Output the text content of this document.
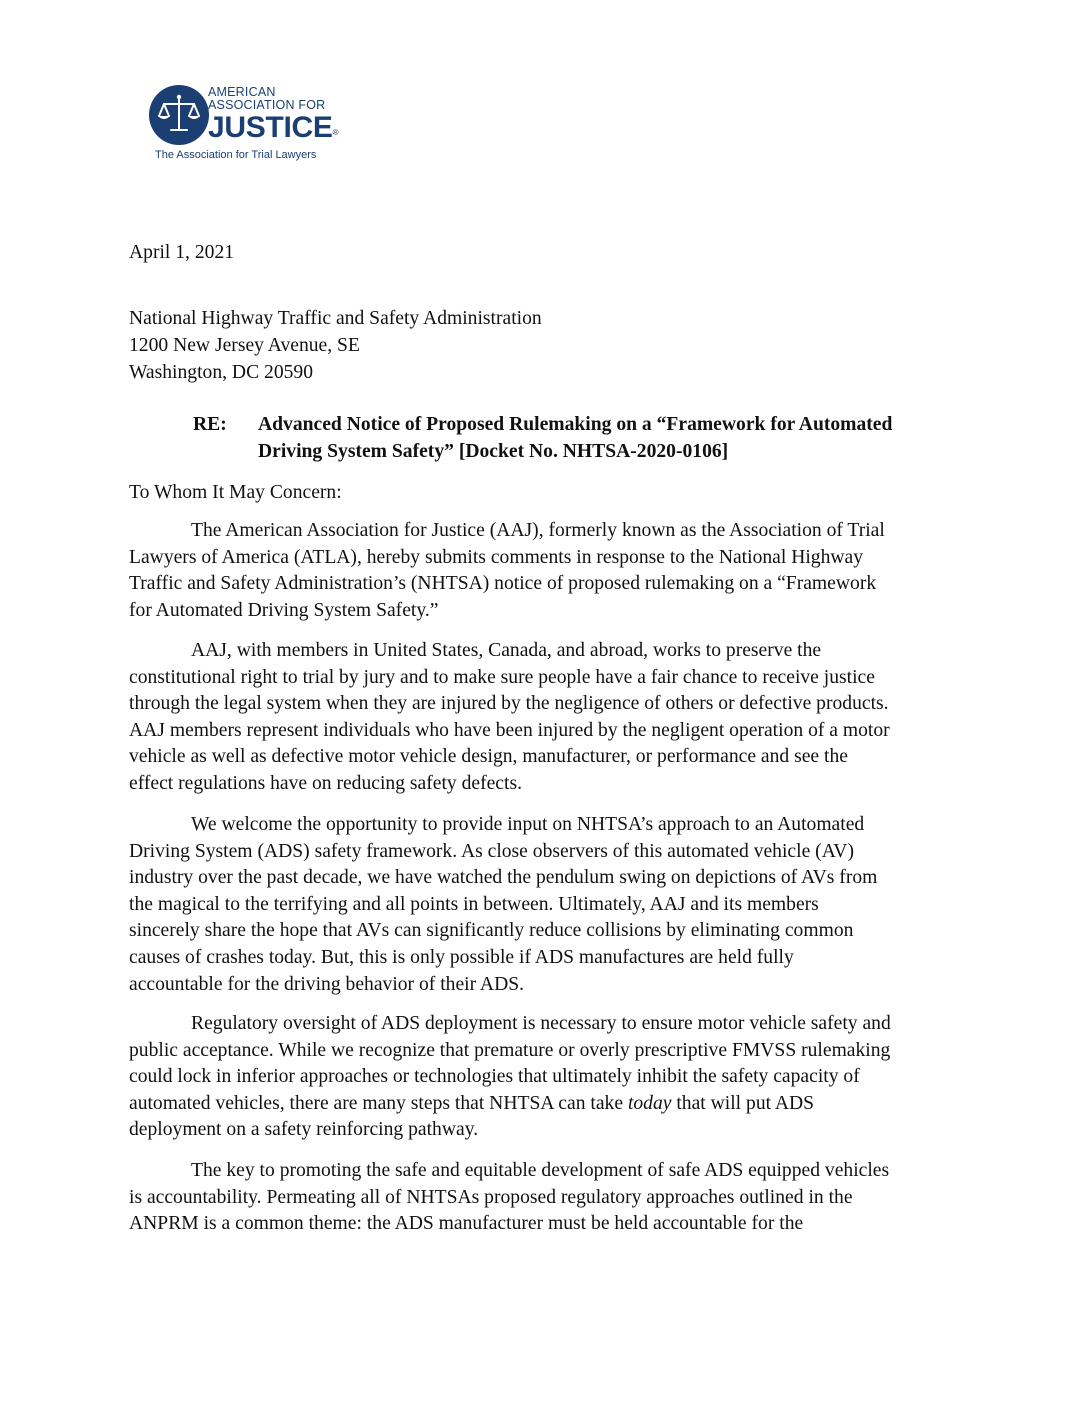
AMERICAN
ASSOCIATION FOR
JUSTICE®
The Association for Trial Lawyers
April 1, 2021
National Highway Traffic and Safety Administration
1200 New Jersey Avenue, SE
Washington, DC 20590
RE: Advanced Notice of Proposed Rulemaking on a “Framework for Automated
Driving System Safety” [Docket No. NHTSA-2020-0106]
To Whom It May Concern:
The American Association for Justice (AAJ), formerly known as the Association of Trial
Lawyers of America (ATLA), hereby submits comments in response to the National Highway
Traffic and Safety Administration’s (NHTSA) notice of proposed rulemaking on a “Framework
for Automated Driving System Safety.”
AAJ, with members in United States, Canada, and abroad, works to preserve the
constitutional right to trial by jury and to make sure people have a fair chance to receive justice
through the legal system when they are injured by the negligence of others or defective products.
AAJ members represent individuals who have been injured by the negligent operation of a motor
vehicle as well as defective motor vehicle design, manufacturer, or performance and see the
effect regulations have on reducing safety defects.
We welcome the opportunity to provide input on NHTSA’s approach to an Automated
Driving System (ADS) safety framework. As close observers of this automated vehicle (AV)
industry over the past decade, we have watched the pendulum swing on depictions of AVs from
the magical to the terrifying and all points in between. Ultimately, AAJ and its members
sincerely share the hope that AVs can significantly reduce collisions by eliminating common
causes of crashes today. But, this is only possible if ADS manufactures are held fully
accountable for the driving behavior of their ADS.
Regulatory oversight of ADS deployment is necessary to ensure motor vehicle safety and
public acceptance. While we recognize that premature or overly prescriptive FMVSS rulemaking
could lock in inferior approaches or technologies that ultimately inhibit the safety capacity of
automated vehicles, there are many steps that NHTSA can take today that will put ADS
deployment on a safety reinforcing pathway.
The key to promoting the safe and equitable development of safe ADS equipped vehicles
is accountability. Permeating all of NHTSAs proposed regulatory approaches outlined in the
ANPRM is a common theme: the ADS manufacturer must be held accountable for the
